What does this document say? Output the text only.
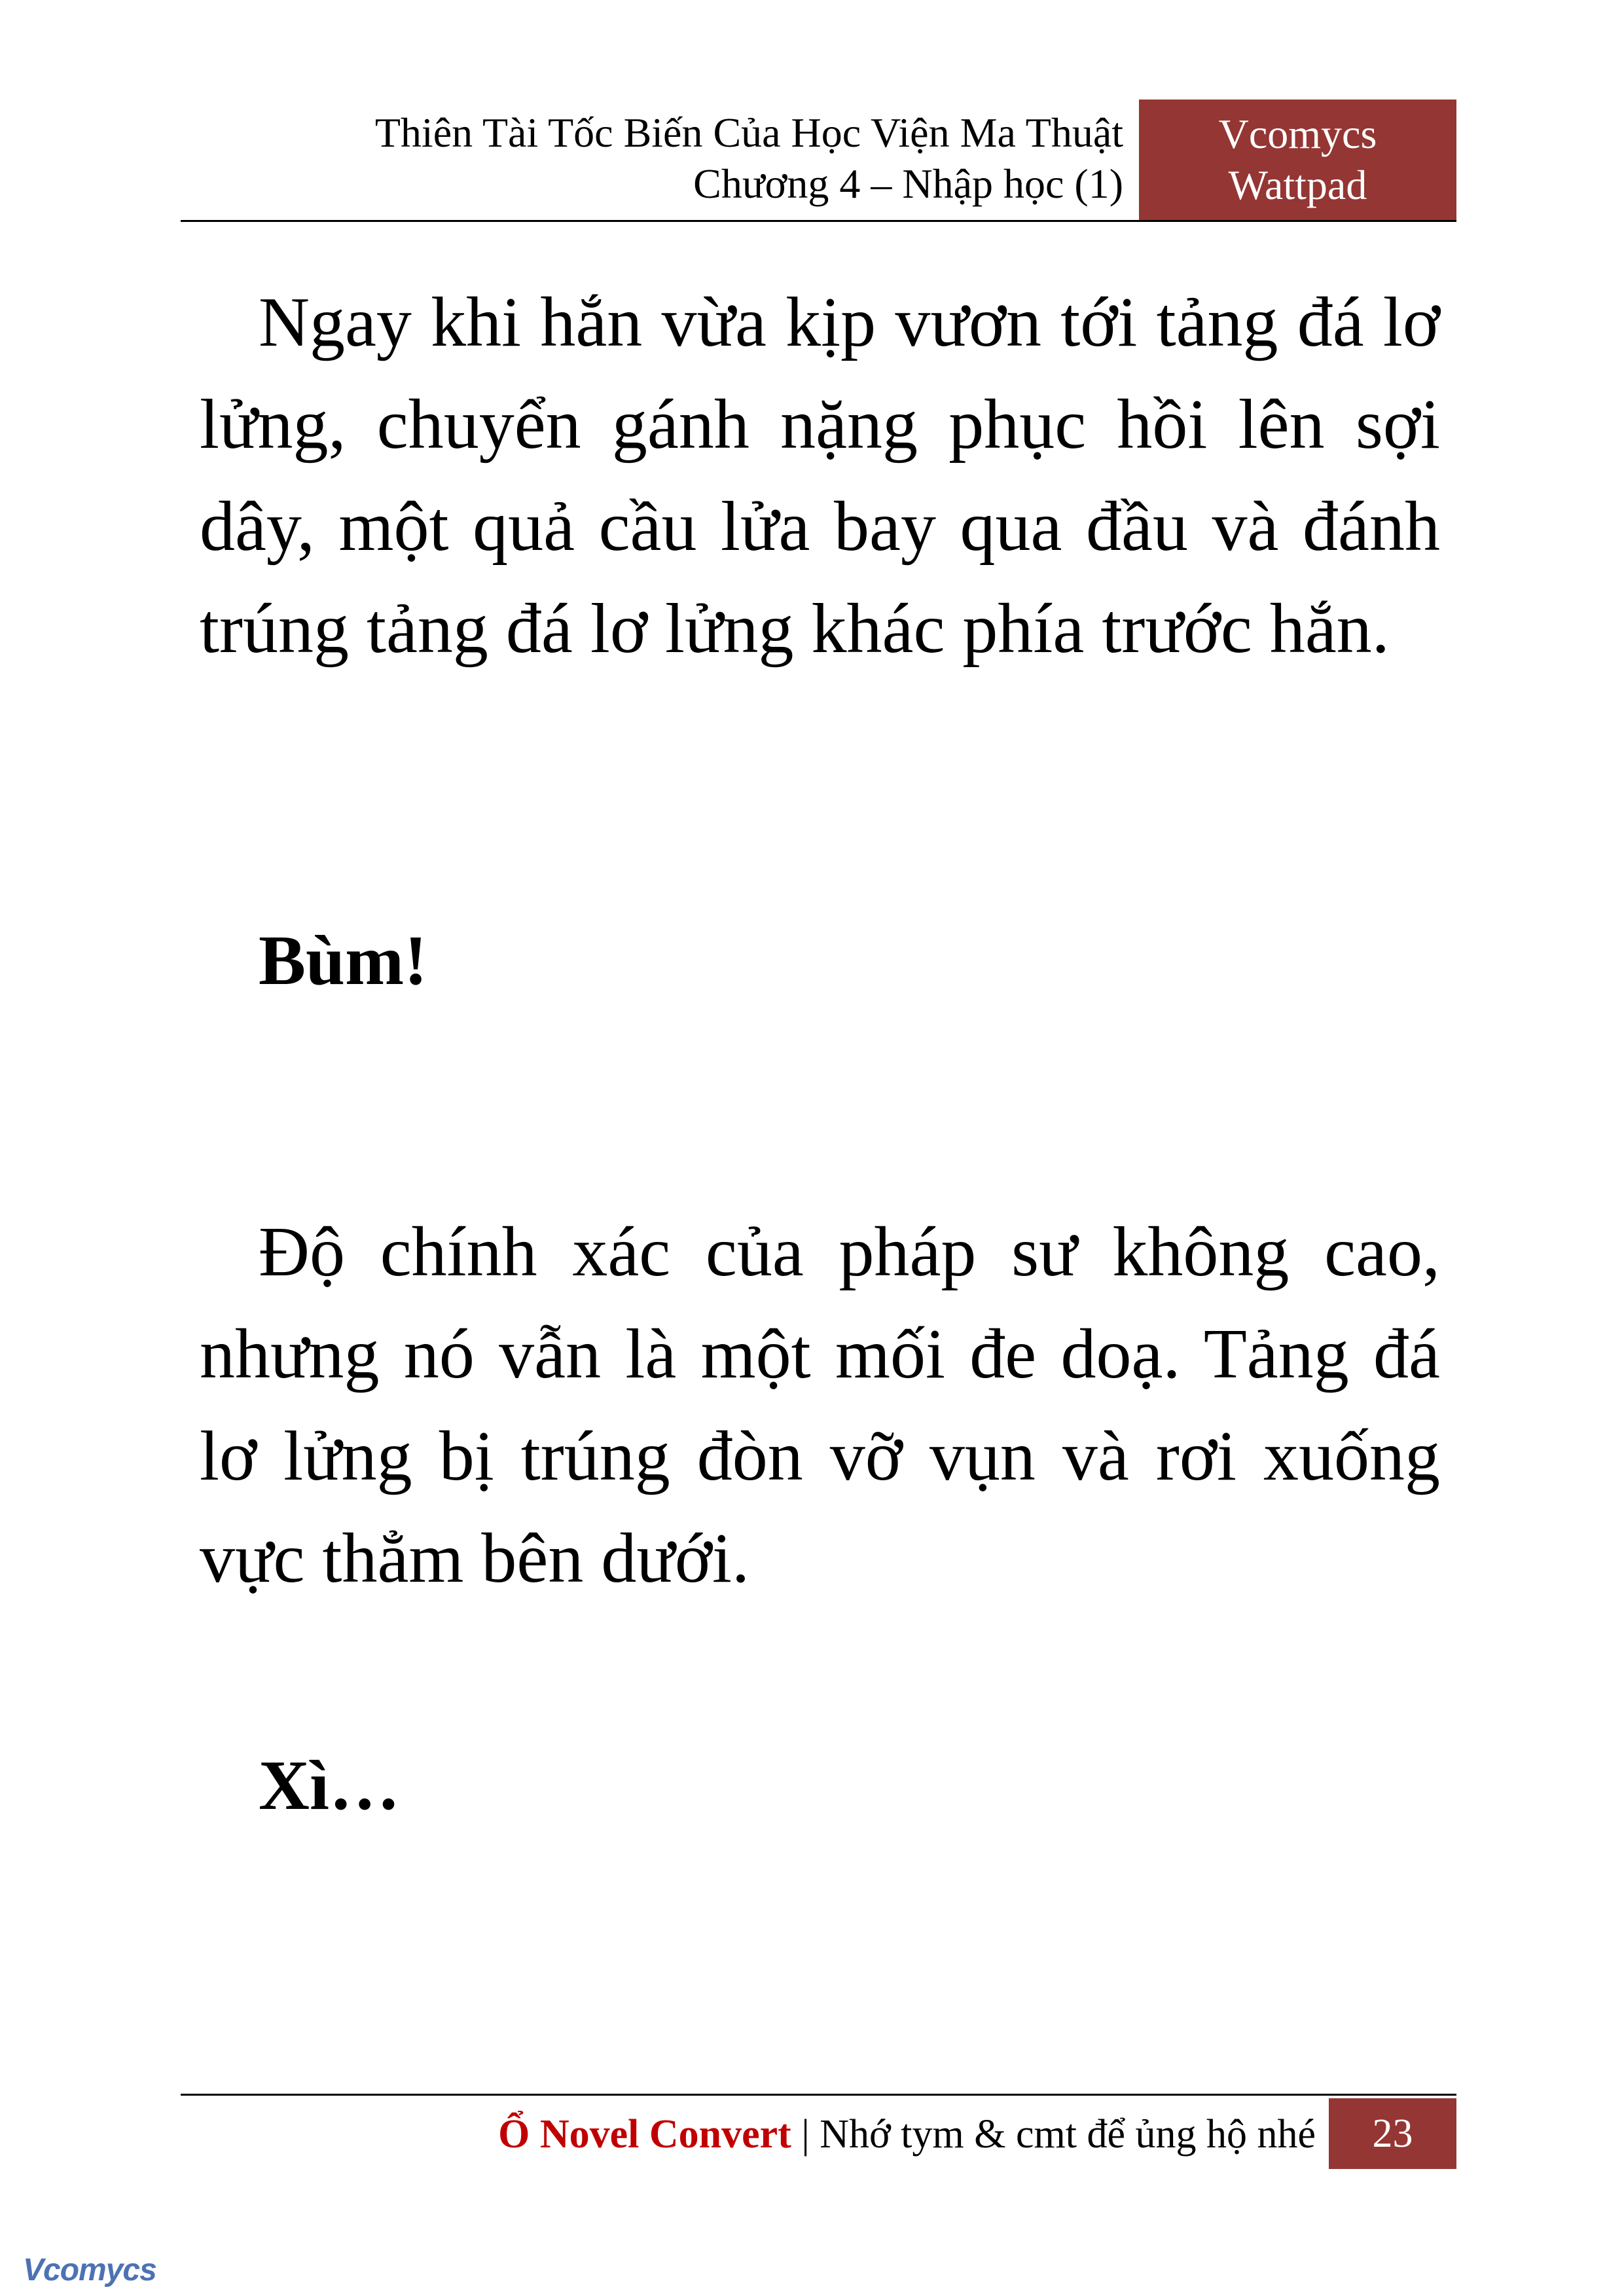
Thiên Tài Tốc Biến Của Học Viện Ma Thuật
Chương 4 – Nhập học (1)
Vcomycs
Wattpad

Ngay khi hắn vừa kịp vươn tới tảng đá lơ lửng, chuyển gánh nặng phục hồi lên sợi dây, một quả cầu lửa bay qua đầu và đánh trúng tảng đá lơ lửng khác phía trước hắn.

Bùm!

Độ chính xác của pháp sư không cao, nhưng nó vẫn là một mối đe doạ. Tảng đá lơ lửng bị trúng đòn vỡ vụn và rơi xuống vực thẳm bên dưới.

Xì…

Ổ Novel Convert | Nhớ tym & cmt để ủng hộ nhé	23
Vcomycs
